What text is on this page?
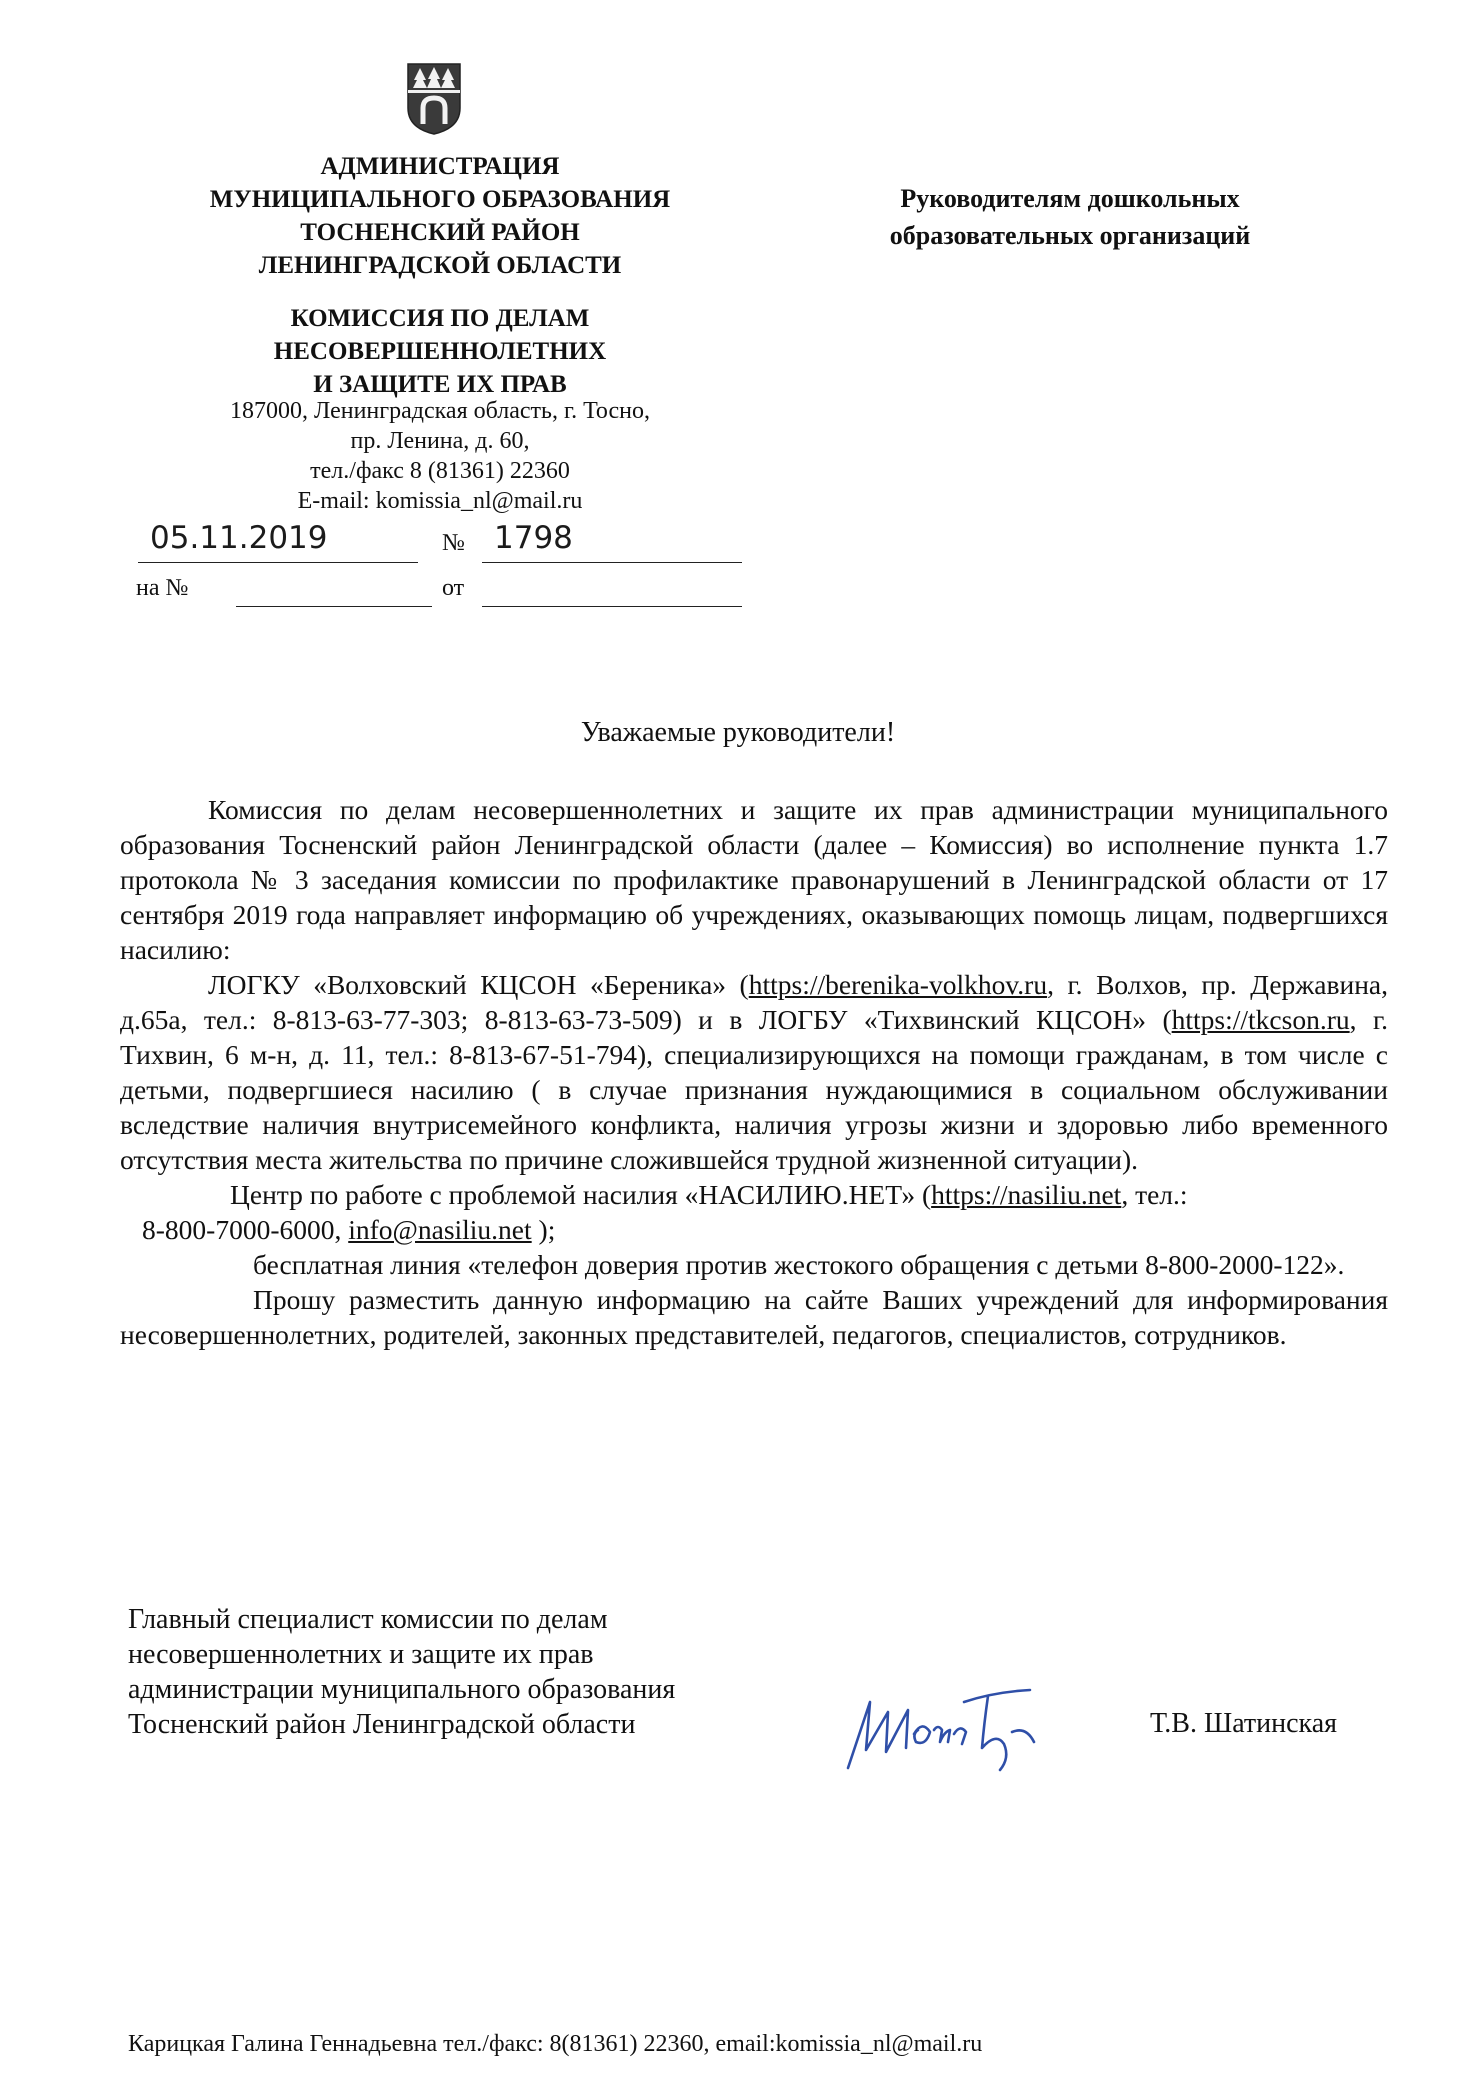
АДМИНИСТРАЦИЯ
МУНИЦИПАЛЬНОГО ОБРАЗОВАНИЯ
ТОСНЕНСКИЙ РАЙОН
ЛЕНИНГРАДСКОЙ ОБЛАСТИ
КОМИССИЯ ПО ДЕЛАМ
НЕСОВЕРШЕННОЛЕТНИХ
И ЗАЩИТЕ ИХ ПРАВ
187000, Ленинградская область, г. Тосно,
пр. Ленина, д. 60,
тел./факс 8 (81361) 22360
E-mail: komissia_nl@mail.ru
05.11.2019	№ 1798
на №	от
Руководителям дошкольных
образовательных организаций
Уважаемые руководители!

Комиссия по делам несовершеннолетних и защите их прав администрации муниципального образования Тосненский район Ленинградской области (далее – Комиссия) во исполнение пункта 1.7 протокола № 3 заседания комиссии по профилактике правонарушений в Ленинградской области от 17 сентября 2019 года направляет информацию об учреждениях, оказывающих помощь лицам, подвергшихся насилию:

ЛОГКУ «Волховский КЦСОН «Береника» (https://berenika-volkhov.ru, г. Волхов, пр. Державина, д.65а, тел.: 8-813-63-77-303; 8-813-63-73-509) и в ЛОГБУ «Тихвинский КЦСОН» (https://tkcson.ru, г. Тихвин, 6 м-н, д. 11, тел.: 8-813-67-51-794), специализирующихся на помощи гражданам, в том числе с детьми, подвергшиеся насилию ( в случае признания нуждающимися в социальном обслуживании вследствие наличия внутрисемейного конфликта, наличия угрозы жизни и здоровью либо временного отсутствия места жительства по причине сложившейся трудной жизненной ситуации).

Центр по работе с проблемой насилия «НАСИЛИЮ.НЕТ» (https://nasiliu.net, тел.:

8-800-7000-6000, info@nasiliu.net );

бесплатная линия «телефон доверия против жестокого обращения с детьми 8-800-2000-122».

Прошу разместить данную информацию на сайте Ваших учреждений для информирования несовершеннолетних, родителей, законных представителей, педагогов, специалистов, сотрудников.

Главный специалист комиссии по делам
несовершеннолетних и защите их прав
администрации муниципального образования
Тосненский район Ленинградской области	Т.В. Шатинская
Карицкая Галина Геннадьевна тел./факс: 8(81361) 22360, email:komissia_nl@mail.ru
